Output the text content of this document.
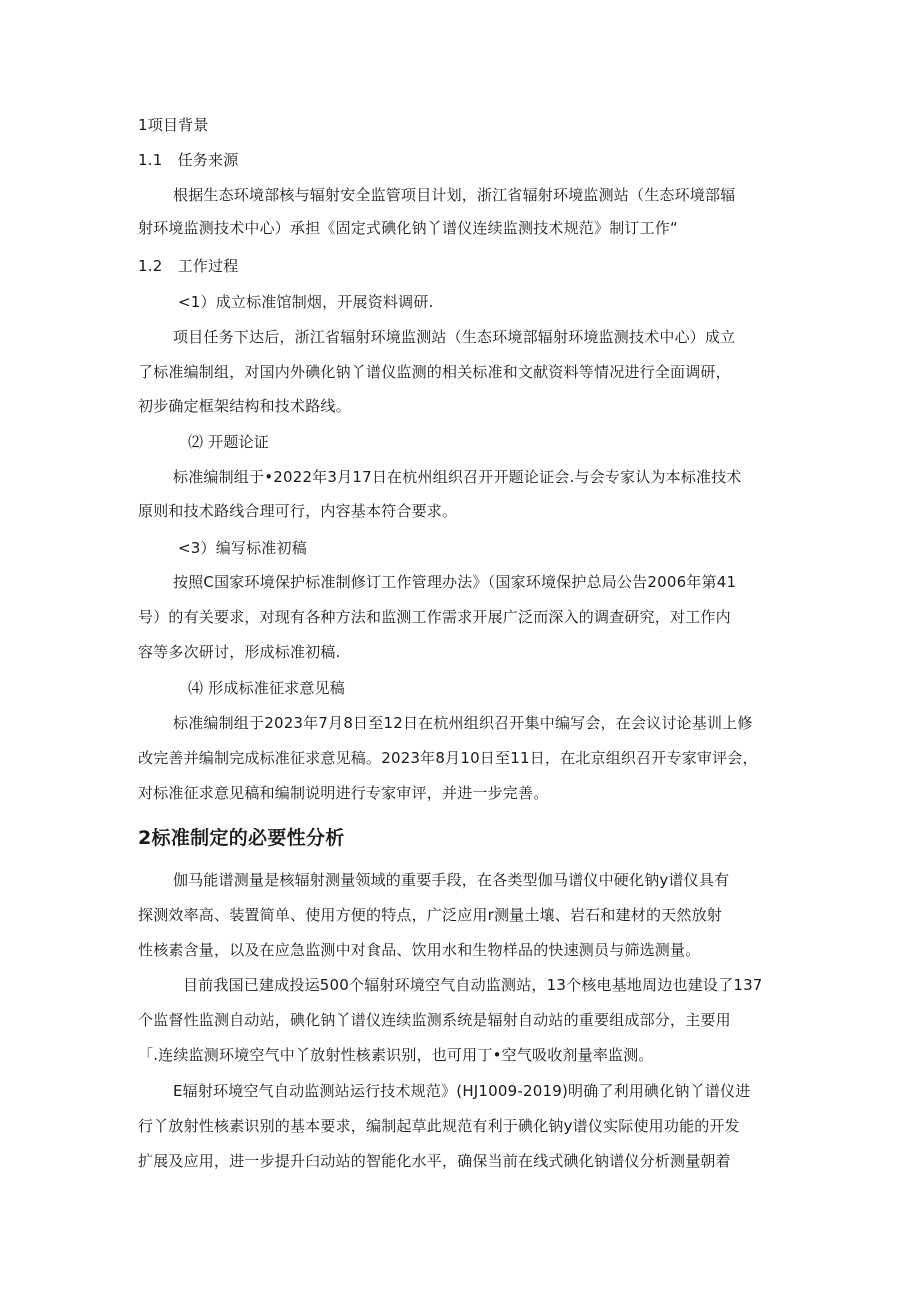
1项目背景
1.1　任务来源
根据生态环境部核与辐射安全监管项目计划，浙江省辐射环境监测站（生态环境部辐
射环境监测技术中心）承担《固定式碘化钠丫谱仪连续监测技术规范》制订工作“
1.2　工作过程
<1）成立标准馆制烟，开展资料调研.
项目任务下达后，浙江省辐射环境监测站（生态环境部辐射环境监测技术中心）成立
了标准编制组，对国内外碘化钠丫谱仪监测的相关标准和文献资料等情况进行全面调研，
初步确定框架结构和技术路线。
⑵ 开题论证
标准编制组于•2022年3月17日在杭州组织召开开题论证会.与会专家认为本标准技术
原则和技术路线合理可行，内容基本符合要求。
<3）编写标准初稿
按照C国家环境保护标准制修订工作管理办法》（国家环境保护总局公告2006年第41
号）的有关要求，对现有各种方法和监测工作需求开展广泛而深入的调查研究，对工作内
容等多次研讨，形成标准初稿.
⑷ 形成标准征求意见稿
标准编制组于2023年7月8日至12日在杭州组织召开集中编写会，在会议讨论基训上修
改完善并编制完成标准征求意见稿。2023年8月10日至11日，在北京组织召开专家审评会，
对标准征求意见稿和编制说明进行专家审评，并进一步完善。
2标准制定的必要性分析
伽马能谱测量是核辐射测量领域的重要手段，在各类型伽马谱仪中硬化钠y谱仪具有
探测效率高、装置简单、使用方便的特点，广泛应用r测量土壤、岩石和建材的天然放射
性核素含量，以及在应急监测中对食品、饮用水和生物样品的快速测员与筛选测量。
目前我国已建成投运500个辐射环境空气自动监测站，13个核电基地周边也建设了137
个监督性监测自动站，碘化钠丫谱仪连续监测系统是辐射自动站的重要组成部分，主要用
「.连续监测环境空气中丫放射性核素识别，也可用丁•空气吸收剂量率监测。
E辐射环境空气自动监测站运行技术规范》(HJ1009-2019)明确了利用碘化钠丫谱仪进
行丫放射性核素识别的基本要求，编制起草此规范有利于碘化钠y谱仪实际使用功能的开发
扩展及应用，进一步提升臼动站的智能化水平，确保当前在线式碘化钠谱仪分析测量朝着
